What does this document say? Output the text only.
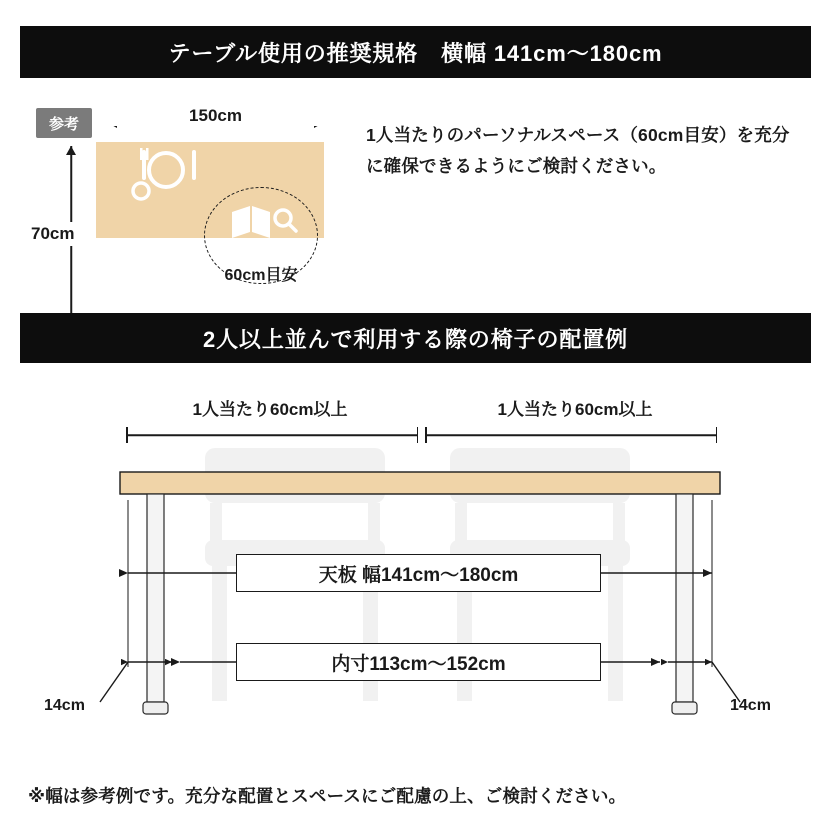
テーブル使用の推奨規格　横幅 141cm〜180cm
参考	150cm
70cm
60cm目安
1人当たりのパーソナルスペース（60cm目安）を充分に確保できるようにご検討ください。
2人以上並んで利用する際の椅子の配置例
1人当たり60cm以上	1人当たり60cm以上
天板 幅141cm〜180cm
内寸113cm〜152cm
14cm	14cm
※幅は参考例です。充分な配置とスペースにご配慮の上、ご検討ください。
